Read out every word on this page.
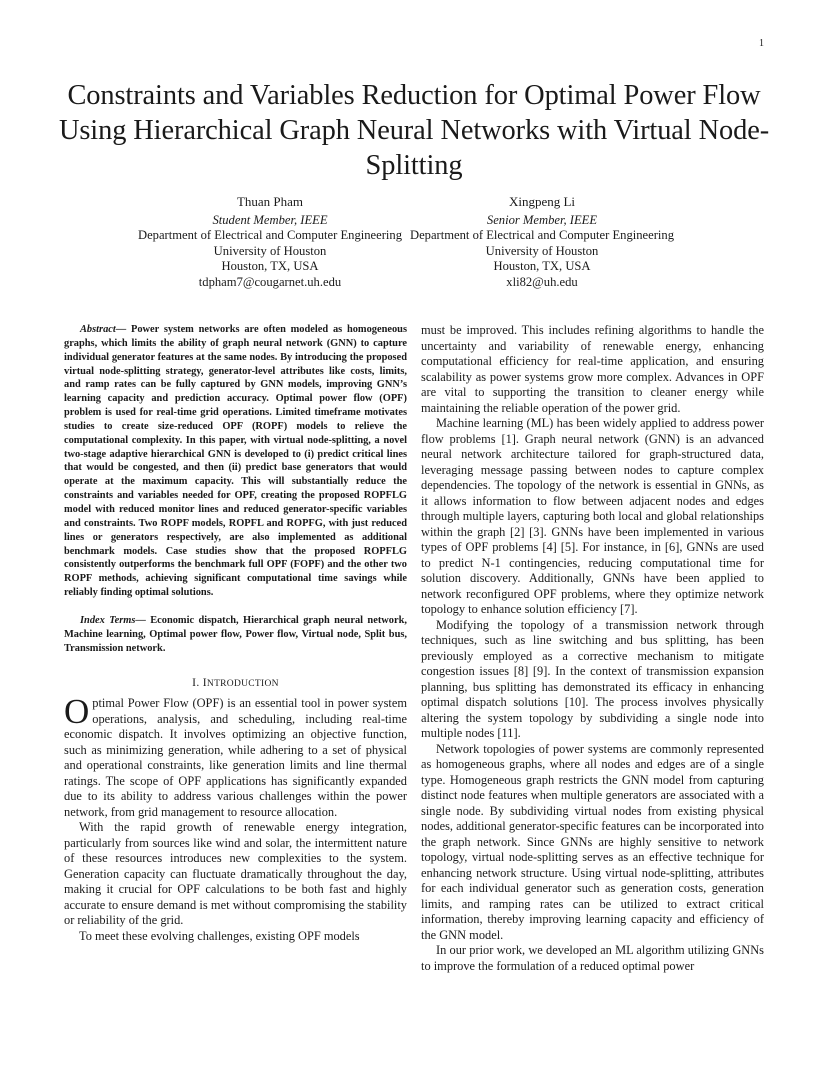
1
Constraints and Variables Reduction for Optimal Power Flow Using Hierarchical Graph Neural Networks with Virtual Node-Splitting
Thuan Pham
Student Member, IEEE
Department of Electrical and Computer Engineering
University of Houston
Houston, TX, USA
tdpham7@cougarnet.uh.edu
Xingpeng Li
Senior Member, IEEE
Department of Electrical and Computer Engineering
University of Houston
Houston, TX, USA
xli82@uh.edu

Abstract— Power system networks are often modeled as homogeneous graphs, which limits the ability of graph neural network (GNN) to capture individual generator features at the same nodes. By introducing the proposed virtual node-splitting strategy, generator-level attributes like costs, limits, and ramp rates can be fully captured by GNN models, improving GNN’s learning capacity and prediction accuracy. Optimal power flow (OPF) problem is used for real-time grid operations. Limited timeframe motivates studies to create size-reduced OPF (ROPF) models to relieve the computational complexity. In this paper, with virtual node-splitting, a novel two-stage adaptive hierarchical GNN is developed to (i) predict critical lines that would be congested, and then (ii) predict base generators that would operate at the maximum capacity. This will substantially reduce the constraints and variables needed for OPF, creating the proposed ROPFLG model with reduced monitor lines and reduced generator-specific variables and constraints. Two ROPF models, ROPFL and ROPFG, with just reduced lines or generators respectively, are also implemented as additional benchmark models. Case studies show that the proposed ROPFLG consistently outperforms the benchmark full OPF (FOPF) and the other two ROPF methods, achieving significant computational time savings while reliably finding optimal solutions.

Index Terms— Economic dispatch, Hierarchical graph neural network, Machine learning, Optimal power flow, Power flow, Virtual node, Split bus, Transmission network.

I. INTRODUCTION

Optimal Power Flow (OPF) is an essential tool in power system operations, analysis, and scheduling, including real-time economic dispatch. It involves optimizing an objective function, such as minimizing generation, while adhering to a set of physical and operational constraints, like generation limits and line thermal ratings. The scope of OPF applications has significantly expanded due to its ability to address various challenges within the power network, from grid management to resource allocation.

With the rapid growth of renewable energy integration, particularly from sources like wind and solar, the intermittent nature of these resources introduces new complexities to the system. Generation capacity can fluctuate dramatically throughout the day, making it crucial for OPF calculations to be both fast and highly accurate to ensure demand is met without compromising the stability or reliability of the grid.

To meet these evolving challenges, existing OPF models

must be improved. This includes refining algorithms to handle the uncertainty and variability of renewable energy, enhancing computational efficiency for real-time application, and ensuring scalability as power systems grow more complex. Advances in OPF are vital to supporting the transition to cleaner energy while maintaining the reliable operation of the power grid.

Machine learning (ML) has been widely applied to address power flow problems [1]. Graph neural network (GNN) is an advanced neural network architecture tailored for graph-structured data, leveraging message passing between nodes to capture complex dependencies. The topology of the network is essential in GNNs, as it allows information to flow between adjacent nodes and edges through multiple layers, capturing both local and global relationships within the graph [2] [3]. GNNs have been implemented in various types of OPF problems [4] [5]. For instance, in [6], GNNs are used to predict N-1 contingencies, reducing computational time for solution discovery. Additionally, GNNs have been applied to network reconfigured OPF problems, where they optimize network topology to enhance solution efficiency [7].

Modifying the topology of a transmission network through techniques, such as line switching and bus splitting, has been previously employed as a corrective mechanism to mitigate congestion issues [8] [9]. In the context of transmission expansion planning, bus splitting has demonstrated its efficacy in enhancing optimal dispatch solutions [10]. The process involves physically altering the system topology by subdividing a single node into multiple nodes [11].

Network topologies of power systems are commonly represented as homogeneous graphs, where all nodes and edges are of a single type. Homogeneous graph restricts the GNN model from capturing distinct node features when multiple generators are associated with a single node. By subdividing virtual nodes from existing physical nodes, additional generator-specific features can be incorporated into the graph network. Since GNNs are highly sensitive to network topology, virtual node-splitting serves as an effective technique for enhancing network structure. Using virtual node-splitting, attributes for each individual generator such as generation costs, generation limits, and ramping rates can be utilized to extract critical information, thereby improving learning capacity and efficiency of the GNN model.

In our prior work, we developed an ML algorithm utilizing GNNs to improve the formulation of a reduced optimal power
